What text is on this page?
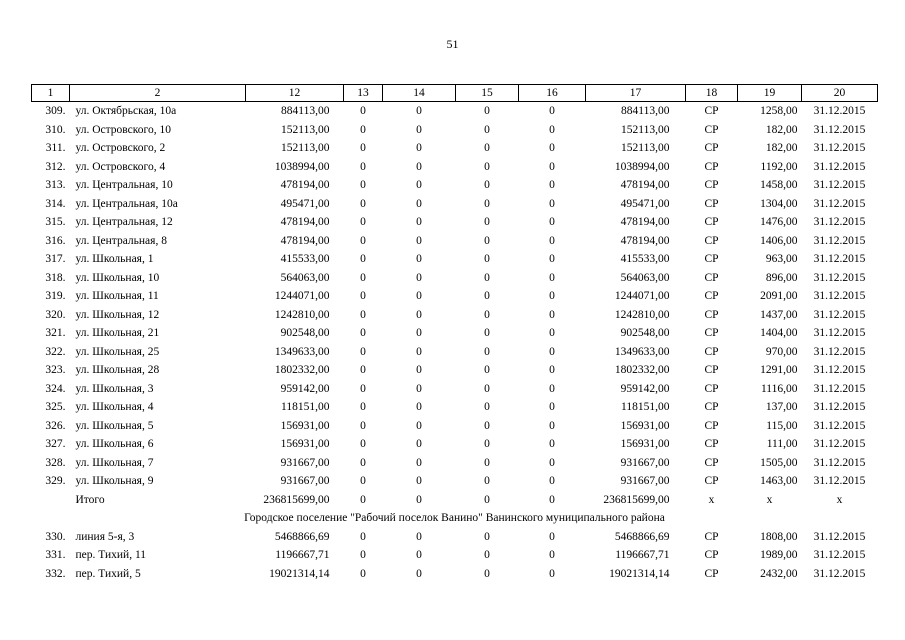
51
1	2	12	13	14	15	16	17	18	19	20
309.	ул. Октябрьская, 10а	884113,00	0	0	0	0	884113,00	СР	1258,00	31.12.2015
310.	ул. Островского, 10	152113,00	0	0	0	0	152113,00	СР	182,00	31.12.2015
311.	ул. Островского, 2	152113,00	0	0	0	0	152113,00	СР	182,00	31.12.2015
312.	ул. Островского, 4	1038994,00	0	0	0	0	1038994,00	СР	1192,00	31.12.2015
313.	ул. Центральная, 10	478194,00	0	0	0	0	478194,00	СР	1458,00	31.12.2015
314.	ул. Центральная, 10а	495471,00	0	0	0	0	495471,00	СР	1304,00	31.12.2015
315.	ул. Центральная, 12	478194,00	0	0	0	0	478194,00	СР	1476,00	31.12.2015
316.	ул. Центральная, 8	478194,00	0	0	0	0	478194,00	СР	1406,00	31.12.2015
317.	ул. Школьная, 1	415533,00	0	0	0	0	415533,00	СР	963,00	31.12.2015
318.	ул. Школьная, 10	564063,00	0	0	0	0	564063,00	СР	896,00	31.12.2015
319.	ул. Школьная, 11	1244071,00	0	0	0	0	1244071,00	СР	2091,00	31.12.2015
320.	ул. Школьная, 12	1242810,00	0	0	0	0	1242810,00	СР	1437,00	31.12.2015
321.	ул. Школьная, 21	902548,00	0	0	0	0	902548,00	СР	1404,00	31.12.2015
322.	ул. Школьная, 25	1349633,00	0	0	0	0	1349633,00	СР	970,00	31.12.2015
323.	ул. Школьная, 28	1802332,00	0	0	0	0	1802332,00	СР	1291,00	31.12.2015
324.	ул. Школьная, 3	959142,00	0	0	0	0	959142,00	СР	1116,00	31.12.2015
325.	ул. Школьная, 4	118151,00	0	0	0	0	118151,00	СР	137,00	31.12.2015
326.	ул. Школьная, 5	156931,00	0	0	0	0	156931,00	СР	115,00	31.12.2015
327.	ул. Школьная, 6	156931,00	0	0	0	0	156931,00	СР	111,00	31.12.2015
328.	ул. Школьная, 7	931667,00	0	0	0	0	931667,00	СР	1505,00	31.12.2015
329.	ул. Школьная, 9	931667,00	0	0	0	0	931667,00	СР	1463,00	31.12.2015
	Итого	236815699,00	0	0	0	0	236815699,00	х	х	х
Городское поселение "Рабочий поселок Ванино" Ванинского муниципального района										
330.	линия 5-я, 3	5468866,69	0	0	0	0	5468866,69	СР	1808,00	31.12.2015
331.	пер. Тихий, 11	1196667,71	0	0	0	0	1196667,71	СР	1989,00	31.12.2015
332.	пер. Тихий, 5	19021314,14	0	0	0	0	19021314,14	СР	2432,00	31.12.2015
